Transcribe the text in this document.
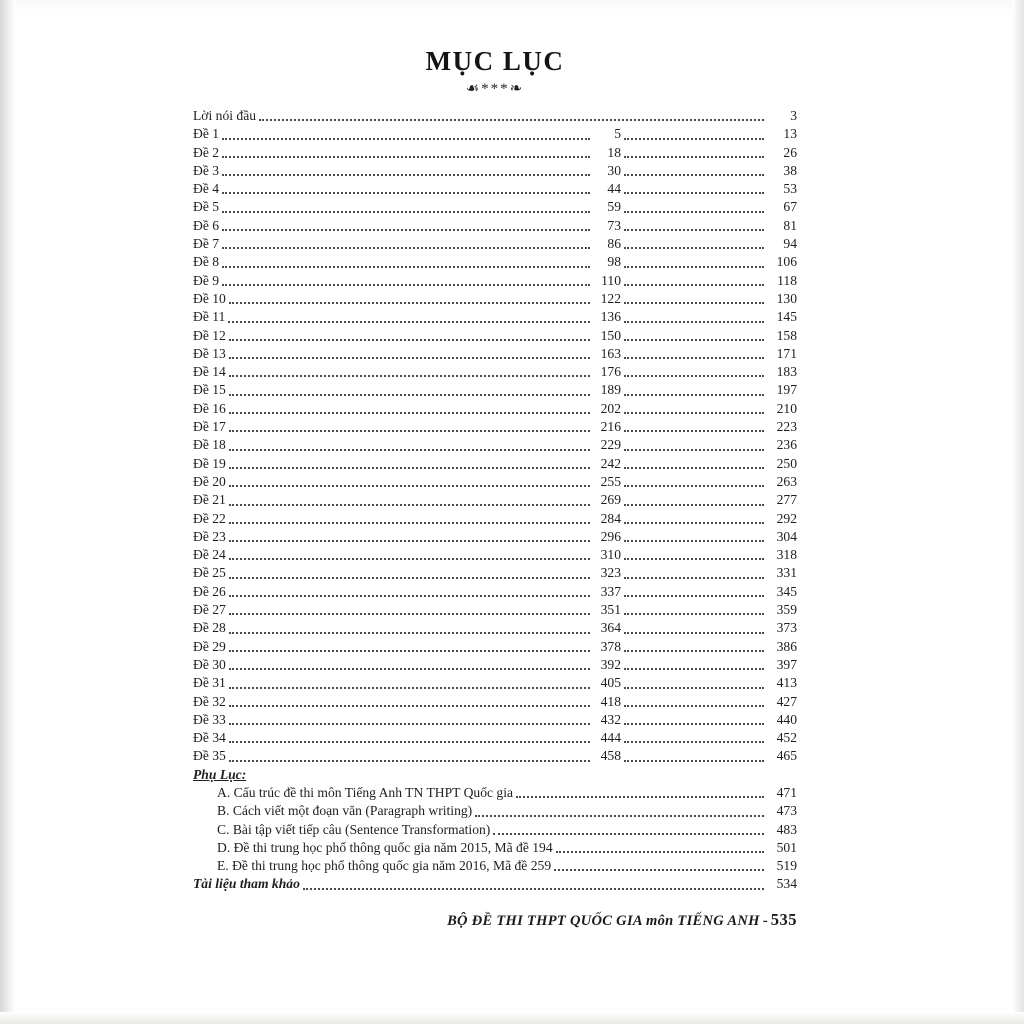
MỤC LỤC
☙***❧
Lời nói đầu	3
Đề 1	5	13
Đề 2	18	26
Đề 3	30	38
Đề 4	44	53
Đề 5	59	67
Đề 6	73	81
Đề 7	86	94
Đề 8	98	106
Đề 9	110	118
Đề 10	122	130
Đề 11	136	145
Đề 12	150	158
Đề 13	163	171
Đề 14	176	183
Đề 15	189	197
Đề 16	202	210
Đề 17	216	223
Đề 18	229	236
Đề 19	242	250
Đề 20	255	263
Đề 21	269	277
Đề 22	284	292
Đề 23	296	304
Đề 24	310	318
Đề 25	323	331
Đề 26	337	345
Đề 27	351	359
Đề 28	364	373
Đề 29	378	386
Đề 30	392	397
Đề 31	405	413
Đề 32	418	427
Đề 33	432	440
Đề 34	444	452
Đề 35	458	465
Phụ Lục:
A. Cấu trúc đề thi môn Tiếng Anh TN THPT Quốc gia	471
B. Cách viết một đoạn văn (Paragraph writing)	473
C. Bài tập viết tiếp câu (Sentence Transformation)	483
D. Đề thi trung học phổ thông quốc gia năm 2015, Mã đề 194	501
E. Đề thi trung học phổ thông quốc gia năm 2016, Mã đề 259	519
Tài liệu tham khảo	534
BỘ ĐỀ THI THPT QUỐC GIA môn TIẾNG ANH - 535
